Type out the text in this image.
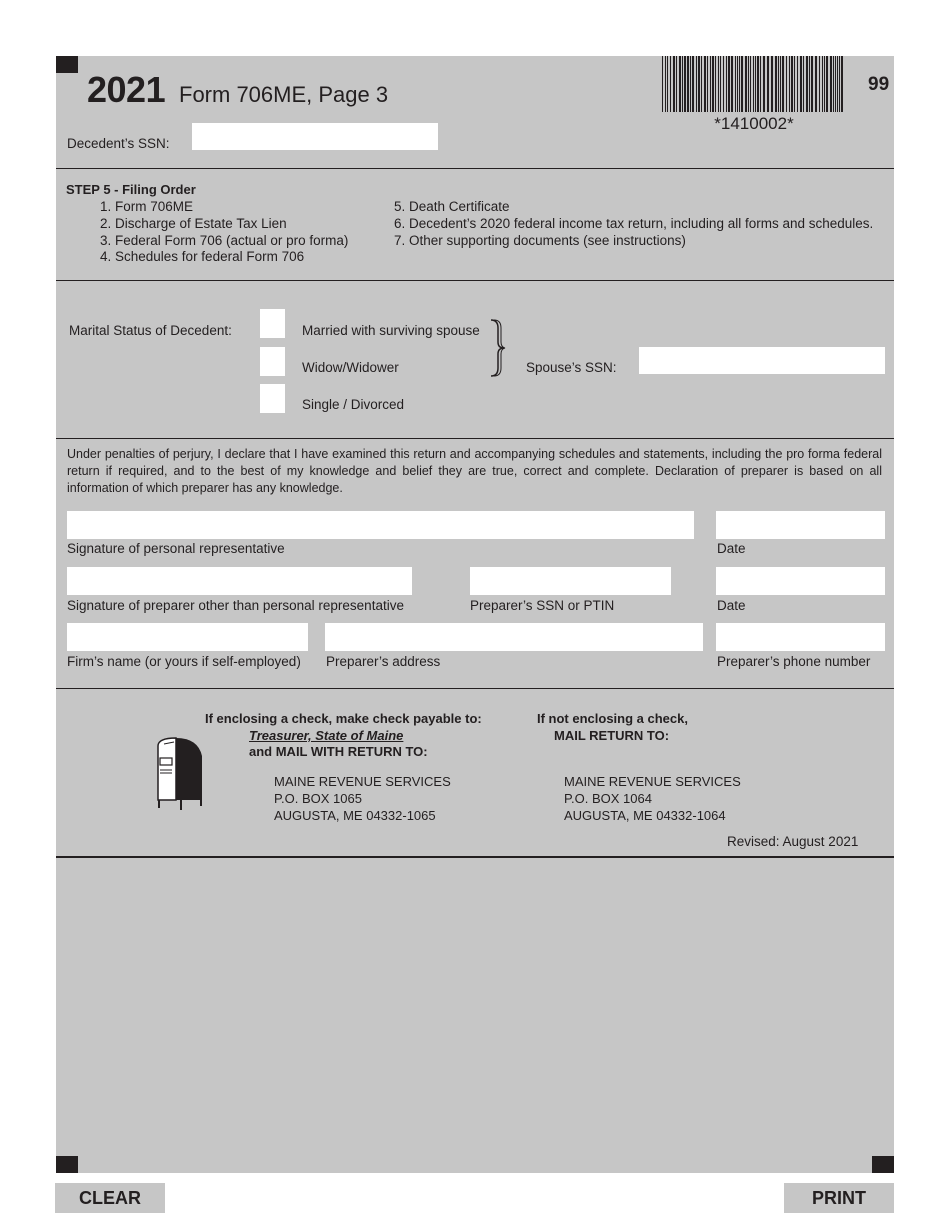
2021 Form 706ME, Page 3
*1410002*
99
Decedent’s SSN:
STEP 5 - Filing Order
1. Form 706ME
2. Discharge of Estate Tax Lien
3. Federal Form 706 (actual or pro forma)
4. Schedules for federal Form 706
5. Death Certificate
6. Decedent’s 2020 federal income tax return, including all forms and schedules.
7. Other supporting documents (see instructions)
Marital Status of Decedent:	Married with surviving spouse
Widow/Widower
Single / Divorced
Spouse’s SSN:
Under penalties of perjury, I declare that I have examined this return and accompanying schedules and statements, including the pro forma federal return if required, and to the best of my knowledge and belief they are true, correct and complete. Declaration of preparer is based on all information of which preparer has any knowledge.
Signature of personal representative	Date
Signature of preparer other than personal representative	Preparer’s SSN or PTIN	Date
Firm’s name (or yours if self-employed) Preparer’s address	Preparer’s phone number
If enclosing a check, make check payable to:
Treasurer, State of Maine
and MAIL WITH RETURN TO:
MAINE REVENUE SERVICES
P.O. BOX 1065
AUGUSTA, ME 04332-1065
If not enclosing a check,
MAIL RETURN TO:
MAINE REVENUE SERVICES
P.O. BOX 1064
AUGUSTA, ME 04332-1064
Revised: August 2021
CLEAR	PRINT
